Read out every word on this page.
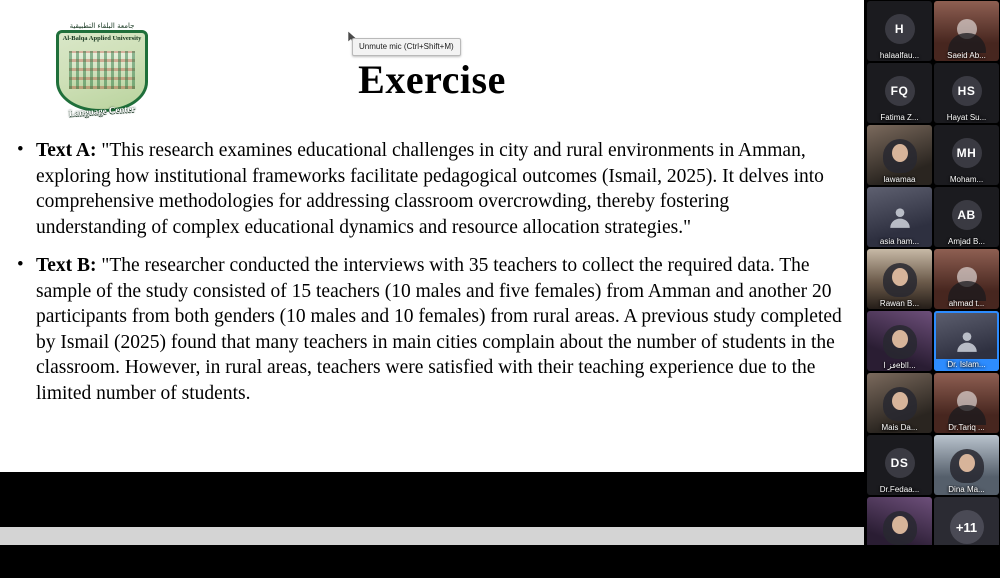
جامعة البلقاء التطبيقية
Al-Balqa Applied University
Language Center
Unmute mic (Ctrl+Shift+M)
Exercise
• Text A: "This research examines educational challenges in city and rural environments in Amman, exploring how institutional frameworks facilitate pedagogical outcomes (Ismail, 2025). It delves into comprehensive methodologies for addressing classroom overcrowding, thereby fostering understanding of complex educational dynamics and resource allocation strategies."
• Text B: "The researcher conducted the interviews with 35 teachers to collect the required data. The sample of the study consisted of 15 teachers (10 males and five females) from Amman and another 20 participants from both genders (10 males and 10 females) from rural areas. A previous study completed by Ismail (2025) found that many teachers in main cities complain about the number of students in the classroom. However, in rural areas, teachers were satisfied with their teaching experience due to the limited number of students.
H
halaalfau...	Saeid Ab...
FQ
Fatima Z...
HS
Hayat Su...
lawamaa
MH
Moham...
asia ham...
AB
Amjad B...
Rawan B...	ahmad t...
فز اeblا...	Dr. Islam...
Mais Da...	Dr.Tariq ...
DS
Dr.Fedaa...	Dina Ma...
+11
